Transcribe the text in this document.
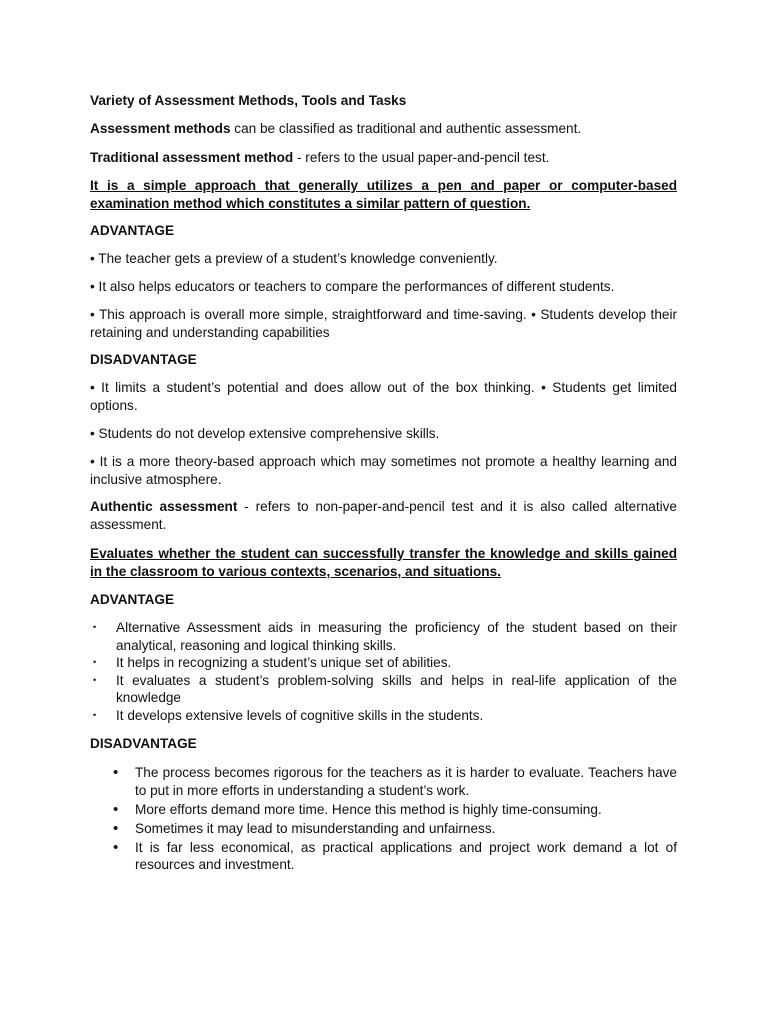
Variety of Assessment Methods, Tools and Tasks

Assessment methods can be classified as traditional and authentic assessment.

Traditional assessment method - refers to the usual paper-and-pencil test.

It is a simple approach that generally utilizes a pen and paper or computer-based examination method which constitutes a similar pattern of question.

ADVANTAGE

• The teacher gets a preview of a student’s knowledge conveniently.

• It also helps educators or teachers to compare the performances of different students.

• This approach is overall more simple, straightforward and time-saving. • Students develop their retaining and understanding capabilities

DISADVANTAGE

• It limits a student’s potential and does allow out of the box thinking. • Students get limited options.

• Students do not develop extensive comprehensive skills.

• It is a more theory-based approach which may sometimes not promote a healthy learning and inclusive atmosphere.

Authentic assessment - refers to non-paper-and-pencil test and it is also called alternative assessment.

Evaluates whether the student can successfully transfer the knowledge and skills gained in the classroom to various contexts, scenarios, and situations.

ADVANTAGE

• Alternative Assessment aids in measuring the proficiency of the student based on their analytical, reasoning and logical thinking skills.
• It helps in recognizing a student’s unique set of abilities.
• It evaluates a student’s problem-solving skills and helps in real-life application of the knowledge
• It develops extensive levels of cognitive skills in the students.

DISADVANTAGE

• The process becomes rigorous for the teachers as it is harder to evaluate. Teachers have to put in more efforts in understanding a student’s work.
• More efforts demand more time. Hence this method is highly time-consuming.
• Sometimes it may lead to misunderstanding and unfairness.
• It is far less economical, as practical applications and project work demand a lot of resources and investment.
